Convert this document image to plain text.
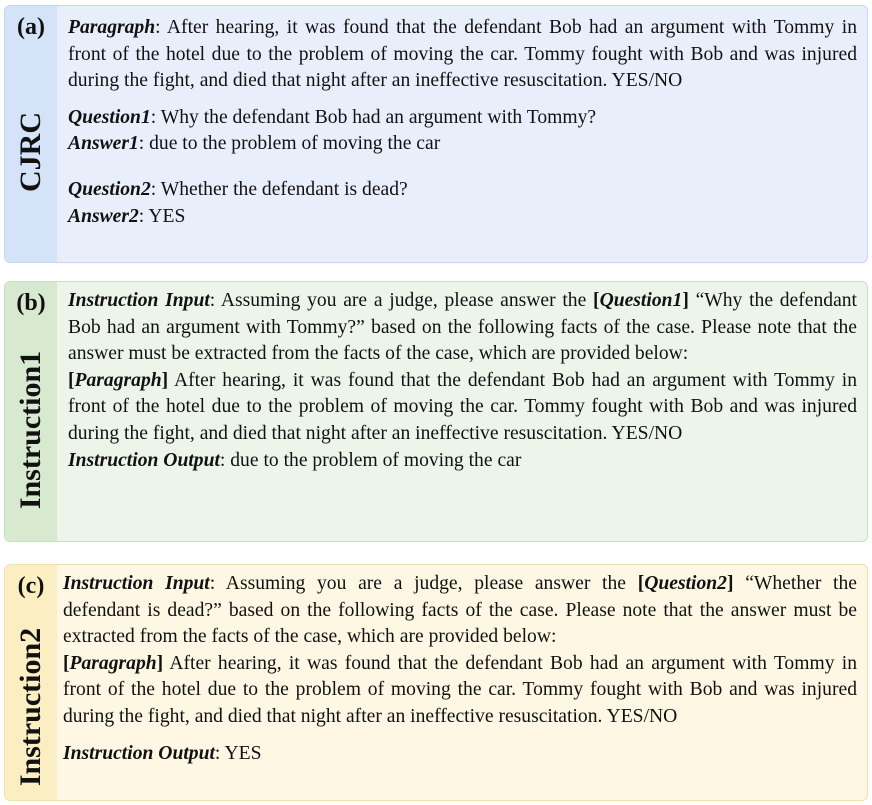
(a)
CJRC

Paragraph: After hearing, it was found that the defendant Bob had an argument with Tommy in front of the hotel due to the problem of moving the car. Tommy fought with Bob and was injured during the fight, and died that night after an ineffective resuscitation. YES/NO

Question1: Why the defendant Bob had an argument with Tommy?

Answer1: due to the problem of moving the car

Question2: Whether the defendant is dead?

Answer2: YES

(b)
Instruction1

Instruction Input: Assuming you are a judge, please answer the [Question1] “Why the defendant Bob had an argument with Tommy?” based on the following facts of the case. Please note that the answer must be extracted from the facts of the case, which are provided below:

[Paragraph] After hearing, it was found that the defendant Bob had an argument with Tommy in front of the hotel due to the problem of moving the car. Tommy fought with Bob and was injured during the fight, and died that night after an ineffective resuscitation. YES/NO

Instruction Output: due to the problem of moving the car

(c)
Instruction2

Instruction Input: Assuming you are a judge, please answer the [Question2] “Whether the defendant is dead?” based on the following facts of the case. Please note that the answer must be extracted from the facts of the case, which are provided below:

[Paragraph] After hearing, it was found that the defendant Bob had an argument with Tommy in front of the hotel due to the problem of moving the car. Tommy fought with Bob and was injured during the fight, and died that night after an ineffective resuscitation. YES/NO

Instruction Output: YES
